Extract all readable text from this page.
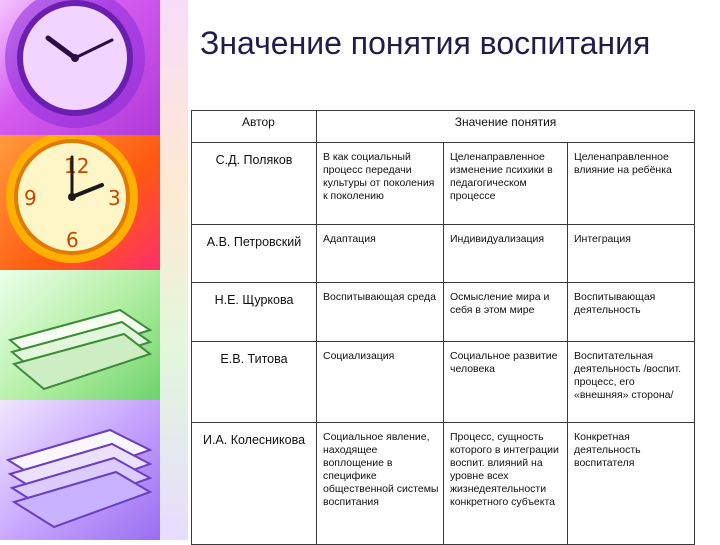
12
3
6
9
Значение понятия воспитания
Автор	Значение понятия		
С.Д. Поляков	В как социальный процесс передачи культуры от поколения к поколению	Целенаправленное изменение психики в педагогическом процессе	Целенаправленное влияние на ребёнка
А.В. Петровский	Адаптация	Индивидуализация	Интеграция
Н.Е. Щуркова	Воспитывающая среда	Осмысление мира и себя в этом мире	Воспитывающая деятельность
Е.В. Титова	Социализация	Социальное развитие человека	Воспитательная деятельность /воспит. процесс, его «внешняя» сторона/
И.А. Колесникова	Социальное явление, находящее воплощение в специфике общественной системы воспитания	Процесс, сущность которого в интеграции воспит. влияний на уровне всех жизнедеятельности конкретного субъекта	Конкретная деятельность воспитателя
